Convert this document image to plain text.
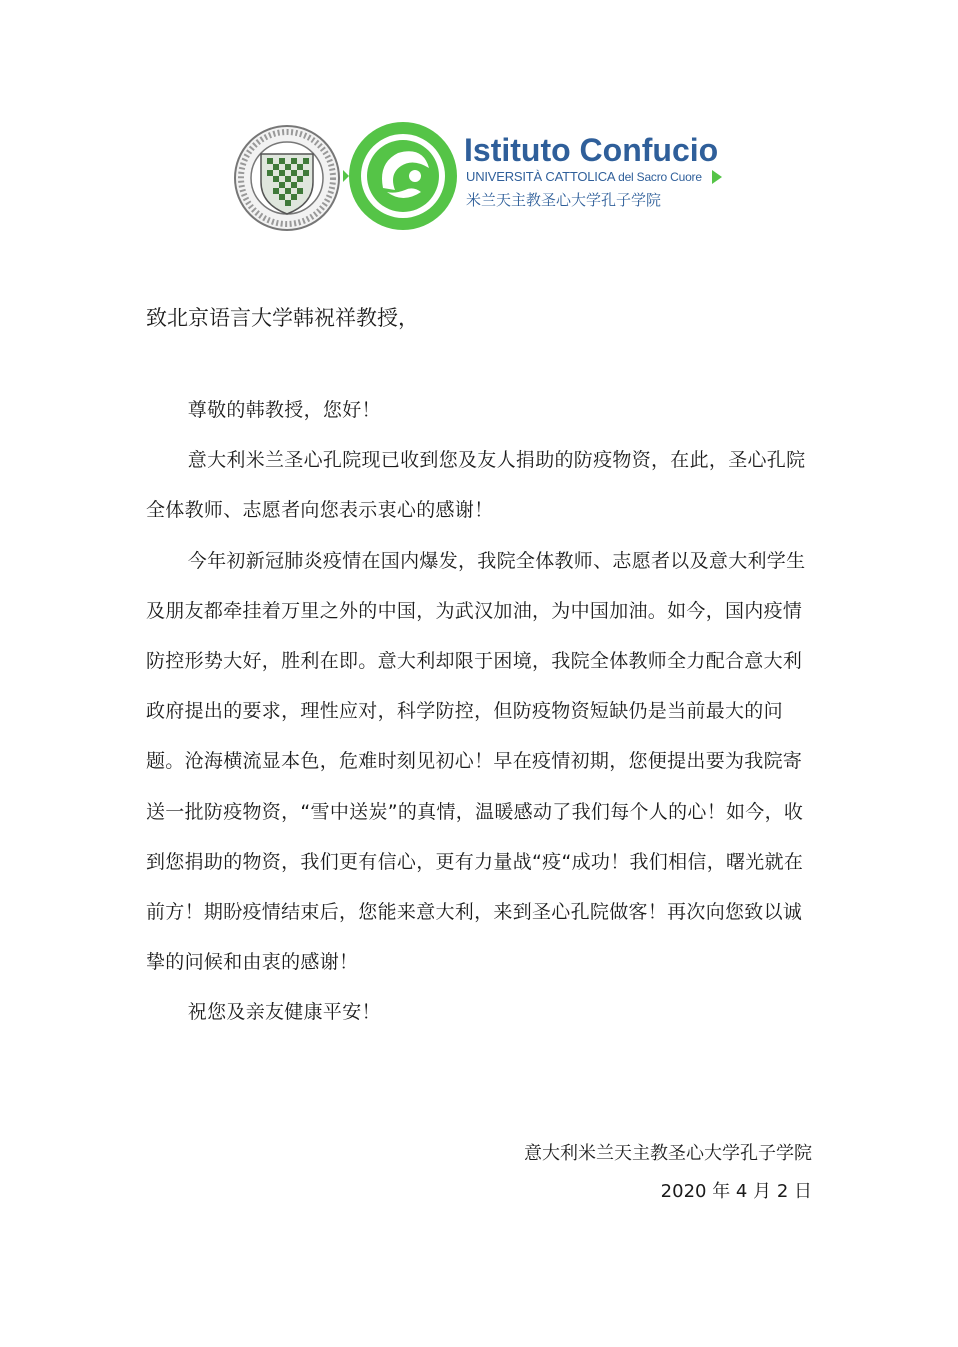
Istituto Confucio
UNIVERSITÀ CATTOLICA del Sacro Cuore
米兰天主教圣心大学孔子学院
致北京语言大学韩祝祥教授，

尊敬的韩教授，您好！

意大利米兰圣心孔院现已收到您及友人捐助的防疫物资，在此，圣心孔院全体教师、志愿者向您表示衷心的感谢！

今年初新冠肺炎疫情在国内爆发，我院全体教师、志愿者以及意大利学生及朋友都牵挂着万里之外的中国，为武汉加油，为中国加油。如今，国内疫情防控形势大好，胜利在即。意大利却限于困境，我院全体教师全力配合意大利政府提出的要求，理性应对，科学防控，但防疫物资短缺仍是当前最大的问题。沧海横流显本色，危难时刻见初心！早在疫情初期，您便提出要为我院寄送一批防疫物资，“雪中送炭”的真情，温暖感动了我们每个人的心！如今，收到您捐助的物资，我们更有信心，更有力量战“疫“成功！我们相信，曙光就在前方！期盼疫情结束后，您能来意大利，来到圣心孔院做客！再次向您致以诚挚的问候和由衷的感谢！

祝您及亲友健康平安！

意大利米兰天主教圣心大学孔子学院
2020 年 4 月 2 日
